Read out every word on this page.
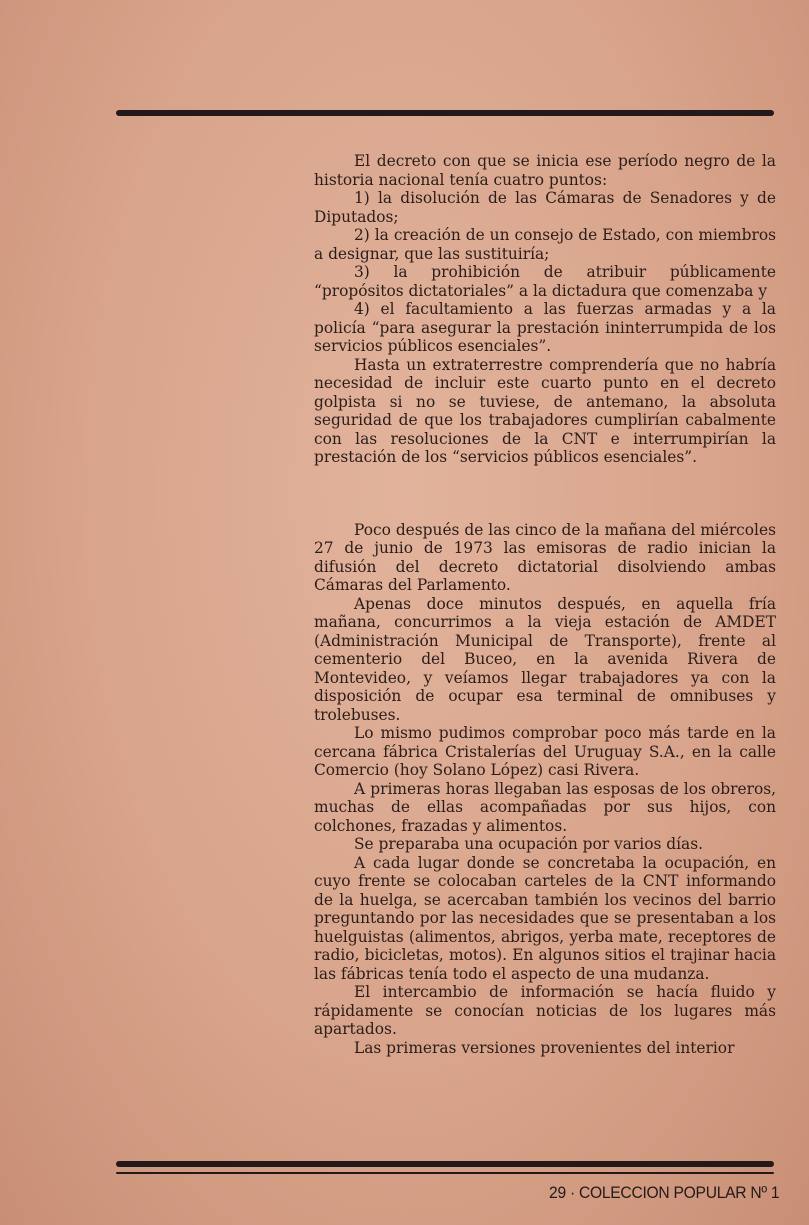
El decreto con que se inicia ese período negro de la historia nacional tenía cuatro puntos:

1) la disolución de las Cámaras de Senadores y de Diputados;

2) la creación de un consejo de Estado, con miembros a designar, que las sustituiría;

3) la prohibición de atribuir públicamente “propósitos dictatoriales” a la dictadura que comenzaba y

4) el facultamiento a las fuerzas armadas y a la policía “para asegurar la prestación ininterrumpida de los servicios públicos esenciales”.

Hasta un extraterrestre comprendería que no habría necesidad de incluir este cuarto punto en el decreto golpista si no se tuviese, de antemano, la absoluta seguridad de que los trabajadores cumplirían cabalmente con las resoluciones de la CNT e interrumpirían la prestación de los “servicios públicos esenciales”.

Poco después de las cinco de la mañana del miércoles 27 de junio de 1973 las emisoras de radio inician la difusión del decreto dictatorial disolviendo ambas Cámaras del Parlamento.

Apenas doce minutos después, en aquella fría mañana, concurrimos a la vieja estación de AMDET (Administración Municipal de Transporte), frente al cementerio del Buceo, en la avenida Rivera de Montevideo, y veíamos llegar trabajadores ya con la disposición de ocupar esa terminal de omnibuses y trolebuses.

Lo mismo pudimos comprobar poco más tarde en la cercana fábrica Cristalerías del Uruguay S.A., en la calle Comercio (hoy Solano López) casi Rivera.

A primeras horas llegaban las esposas de los obreros, muchas de ellas acompañadas por sus hijos, con colchones, frazadas y alimentos.

Se preparaba una ocupación por varios días.

A cada lugar donde se concretaba la ocupación, en cuyo frente se colocaban carteles de la CNT informando de la huelga, se acercaban también los vecinos del barrio preguntando por las necesidades que se presentaban a los huelguistas (alimentos, abrigos, yerba mate, receptores de radio, bicicletas, motos). En algunos sitios el trajinar hacia las fábricas tenía todo el aspecto de una mudanza.

El intercambio de información se hacía fluido y rápidamente se conocían noticias de los lugares más apartados.

Las primeras versiones provenientes del interior

29 · COLECCION POPULAR Nº 1
